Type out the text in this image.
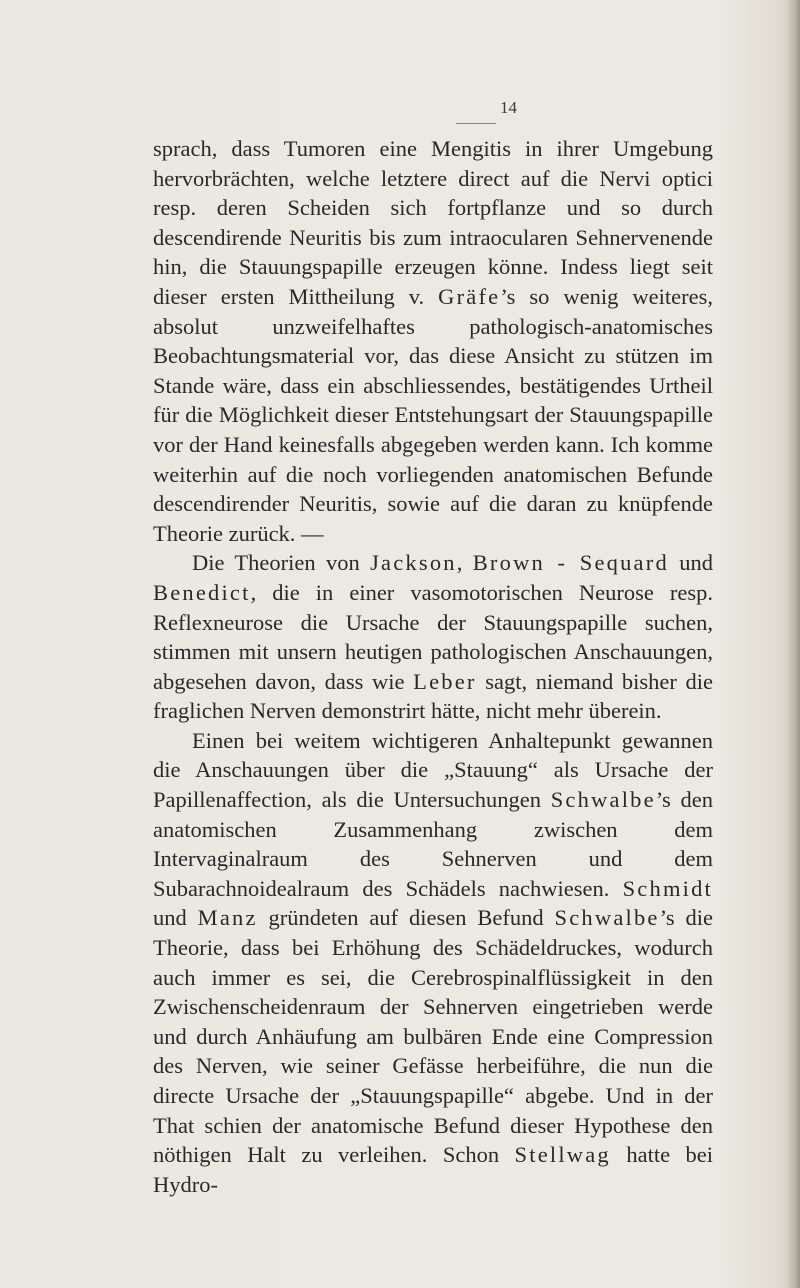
14

sprach, dass Tumoren eine Mengitis in ihrer Umgebung hervorbrächten, welche letztere direct auf die Nervi optici resp. deren Scheiden sich fortpflanze und so durch descendirende Neuritis bis zum intraocularen Sehnervenende hin, die Stauungspapille erzeugen könne. Indess liegt seit dieser ersten Mittheilung v. Gräfe’s so wenig weiteres, absolut unzweifelhaftes pathologisch-anatomisches Beobachtungsmaterial vor, das diese Ansicht zu stützen im Stande wäre, dass ein abschliessendes, bestätigendes Urtheil für die Möglichkeit dieser Entstehungsart der Stauungspapille vor der Hand keinesfalls abgegeben werden kann. Ich komme weiterhin auf die noch vorliegenden anatomischen Befunde descendirender Neuritis, sowie auf die daran zu knüpfende Theorie zurück. —

Die Theorien von Jackson, Brown - Sequard und Benedict, die in einer vasomotorischen Neurose resp. Reflexneurose die Ursache der Stauungspapille suchen, stimmen mit unsern heutigen pathologischen Anschauungen, abgesehen davon, dass wie Leber sagt, niemand bisher die fraglichen Nerven demonstrirt hätte, nicht mehr überein.

Einen bei weitem wichtigeren Anhaltepunkt gewannen die Anschauungen über die „Stauung“ als Ursache der Papillenaffection, als die Untersuchungen Schwalbe’s den anatomischen Zusammenhang zwischen dem Intervaginalraum des Sehnerven und dem Subarachnoidealraum des Schädels nachwiesen. Schmidt und Manz gründeten auf diesen Befund Schwalbe’s die Theorie, dass bei Erhöhung des Schädeldruckes, wodurch auch immer es sei, die Cerebrospinalflüssigkeit in den Zwischenscheidenraum der Sehnerven eingetrieben werde und durch Anhäufung am bulbären Ende eine Compression des Nerven, wie seiner Gefässe herbeiführe, die nun die directe Ursache der „Stauungspapille“ abgebe. Und in der That schien der anatomische Befund dieser Hypothese den nöthigen Halt zu verleihen. Schon Stellwag hatte bei Hydro-
